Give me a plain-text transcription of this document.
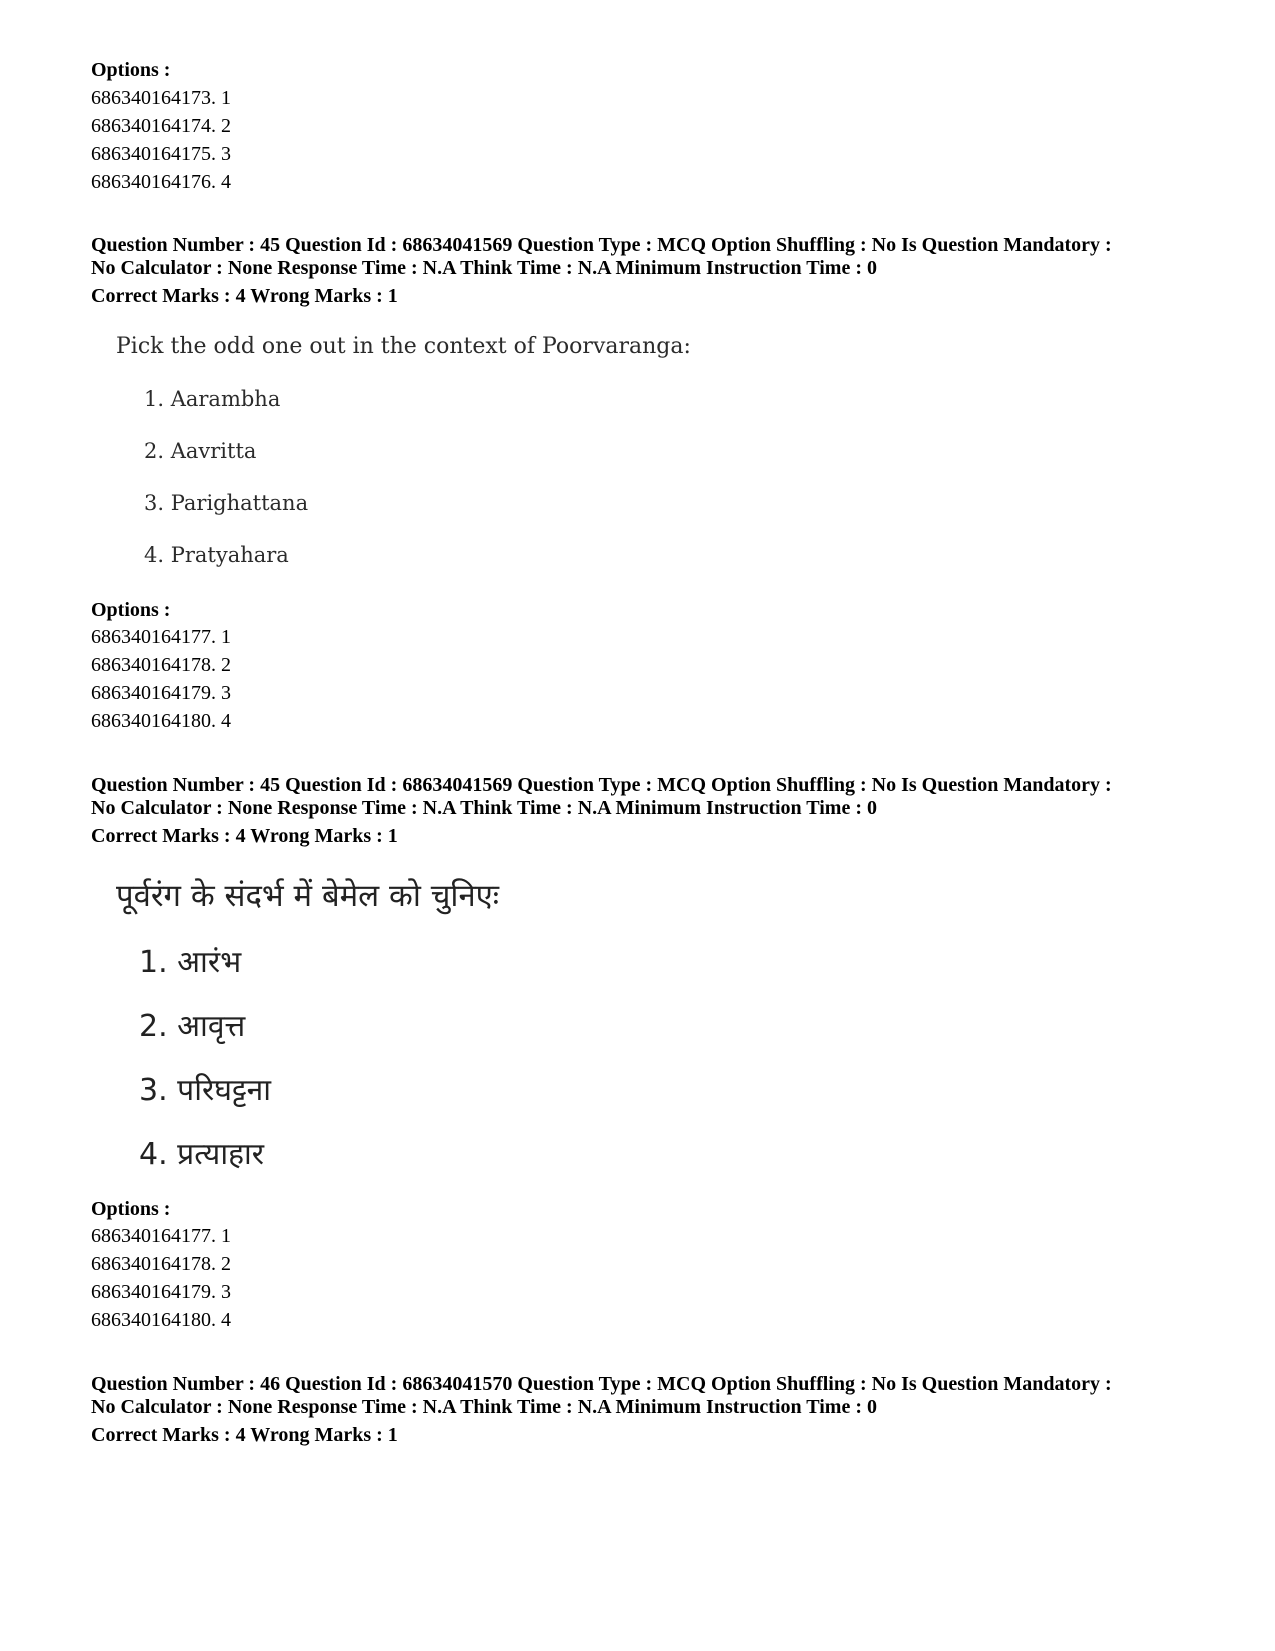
Options :
686340164173. 1
686340164174. 2
686340164175. 3
686340164176. 4
Question Number : 45 Question Id : 68634041569 Question Type : MCQ Option Shuffling : No Is Question Mandatory :
No Calculator : None Response Time : N.A Think Time : N.A Minimum Instruction Time : 0
Correct Marks : 4 Wrong Marks : 1
Pick the odd one out in the context of Poorvaranga:
1. Aarambha
2. Aavritta
3. Parighattana
4. Pratyahara
Options :
686340164177. 1
686340164178. 2
686340164179. 3
686340164180. 4
Question Number : 45 Question Id : 68634041569 Question Type : MCQ Option Shuffling : No Is Question Mandatory :
No Calculator : None Response Time : N.A Think Time : N.A Minimum Instruction Time : 0
Correct Marks : 4 Wrong Marks : 1
पूर्वरंग के संदर्भ में बेमेल को चुनिएः
1. आरंभ
2. आवृत्त
3. परिघट्टना
4. प्रत्याहार
Options :
686340164177. 1
686340164178. 2
686340164179. 3
686340164180. 4
Question Number : 46 Question Id : 68634041570 Question Type : MCQ Option Shuffling : No Is Question Mandatory :
No Calculator : None Response Time : N.A Think Time : N.A Minimum Instruction Time : 0
Correct Marks : 4 Wrong Marks : 1
